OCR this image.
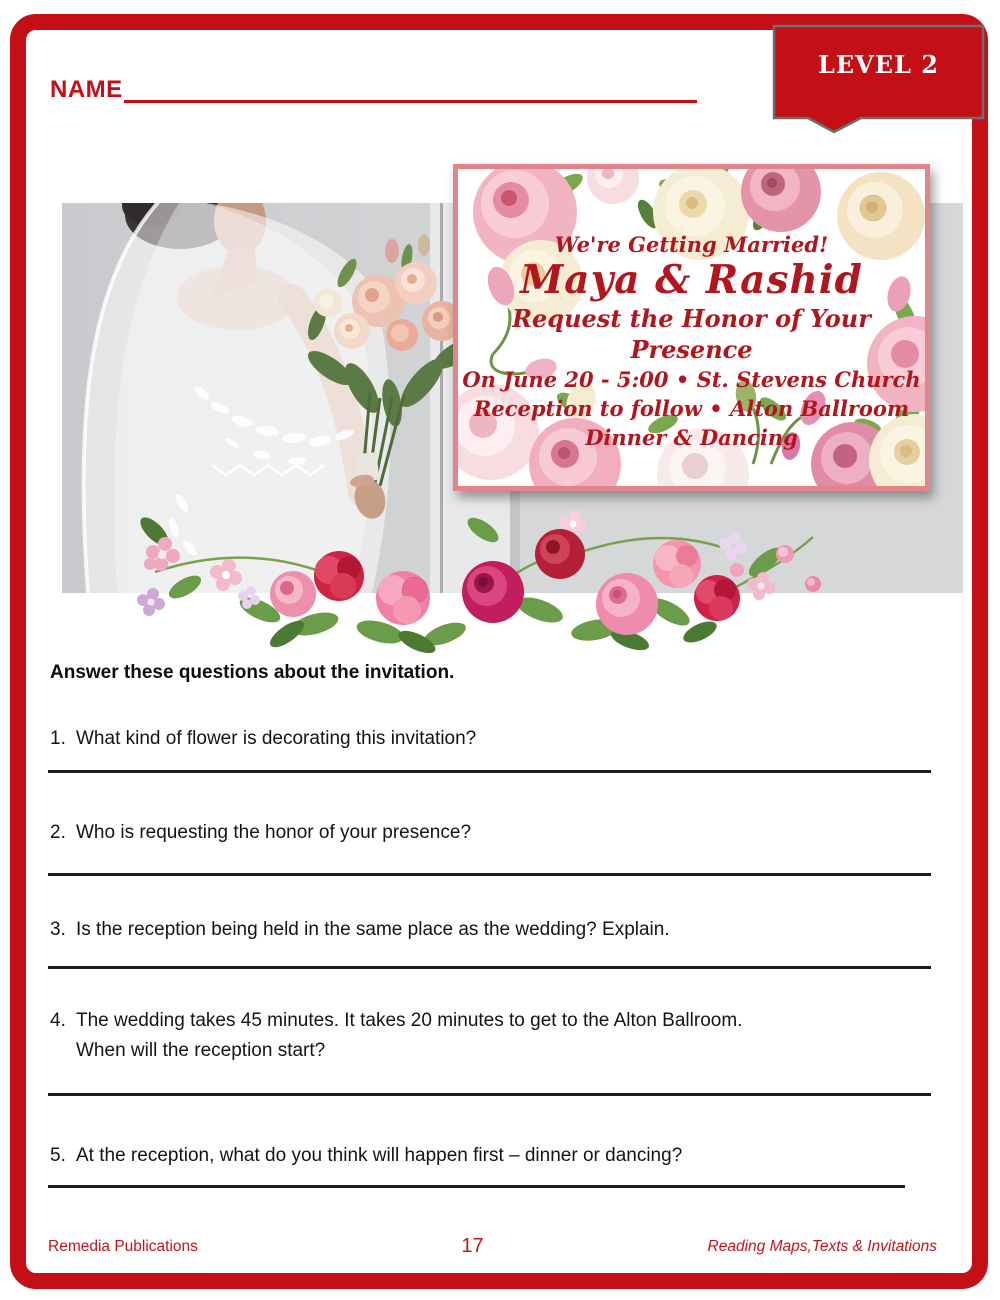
NAME
LEVEL 2
We're Getting Married!
Maya & Rashid
Request the Honor of Your Presence
On June 20 - 5:00 • St. Stevens Church
Reception to follow • Alton Ballroom
Dinner & Dancing
Answer these questions about the invitation.
1. What kind of flower is decorating this invitation?
2. Who is requesting the honor of your presence?
3. Is the reception being held in the same place as the wedding? Explain.
4. The wedding takes 45 minutes. It takes 20 minutes to get to the Alton Ballroom.
When will the reception start?
5. At the reception, what do you think will happen first – dinner or dancing?
17
Remedia Publications	Reading Maps,Texts & Invitations
